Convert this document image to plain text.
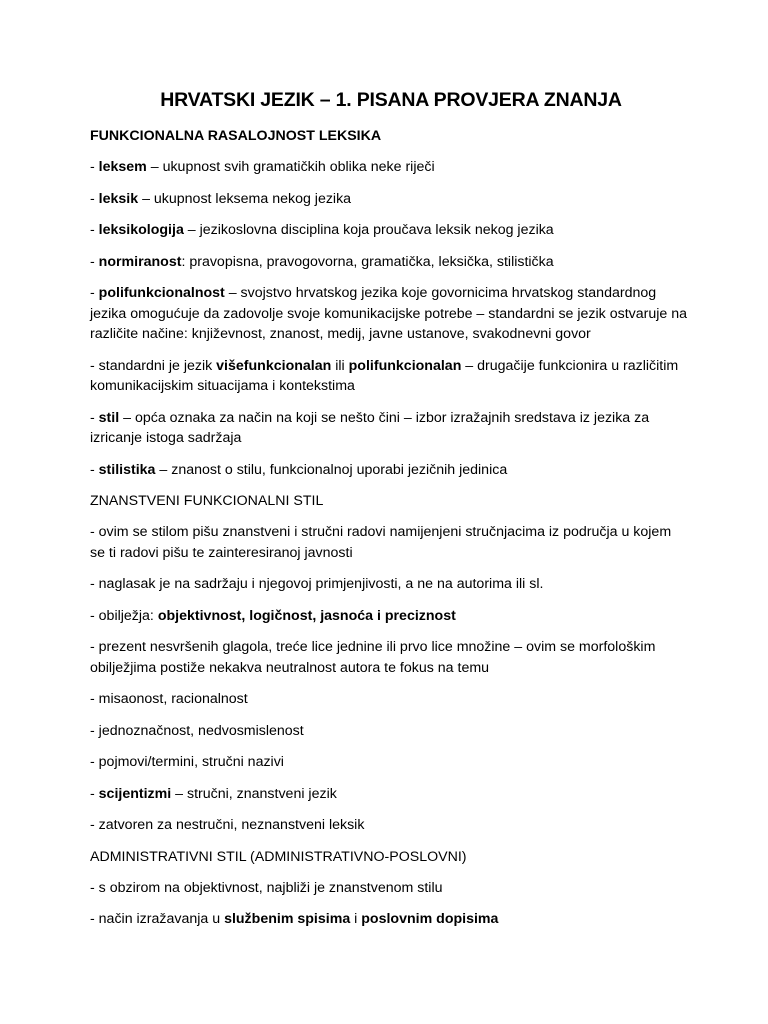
HRVATSKI JEZIK – 1. PISANA PROVJERA ZNANJA
FUNKCIONALNA RASALOJNOST LEKSIKA

- leksem – ukupnost svih gramatičkih oblika neke riječi

- leksik – ukupnost leksema nekog jezika

- leksikologija – jezikoslovna disciplina koja proučava leksik nekog jezika

- normiranost: pravopisna, pravogovorna, gramatička, leksička, stilistička

- polifunkcionalnost – svojstvo hrvatskog jezika koje govornicima hrvatskog standardnog jezika omogućuje da zadovolje svoje komunikacijske potrebe – standardni se jezik ostvaruje na različite načine: književnost, znanost, medij, javne ustanove, svakodnevni govor

- standardni je jezik višefunkcionalan ili polifunkcionalan – drugačije funkcionira u različitim komunikacijskim situacijama i kontekstima

- stil – opća oznaka za način na koji se nešto čini – izbor izražajnih sredstava iz jezika za izricanje istoga sadržaja

- stilistika – znanost o stilu, funkcionalnoj uporabi jezičnih jedinica

ZNANSTVENI FUNKCIONALNI STIL

- ovim se stilom pišu znanstveni i stručni radovi namijenjeni stručnjacima iz područja u kojem se ti radovi pišu te zainteresiranoj javnosti

- naglasak je na sadržaju i njegovoj primjenjivosti, a ne na autorima ili sl.

- obilježja: objektivnost, logičnost, jasnoća i preciznost

- prezent nesvršenih glagola, treće lice jednine ili prvo lice množine – ovim se morfološkim obilježjima postiže nekakva neutralnost autora te fokus na temu

- misaonost, racionalnost

- jednoznačnost, nedvosmislenost

- pojmovi/termini, stručni nazivi

- scijentizmi – stručni, znanstveni jezik

- zatvoren za nestručni, neznanstveni leksik

ADMINISTRATIVNI STIL (ADMINISTRATIVNO-POSLOVNI)

- s obzirom na objektivnost, najbliži je znanstvenom stilu

- način izražavanja u službenim spisima i poslovnim dopisima
